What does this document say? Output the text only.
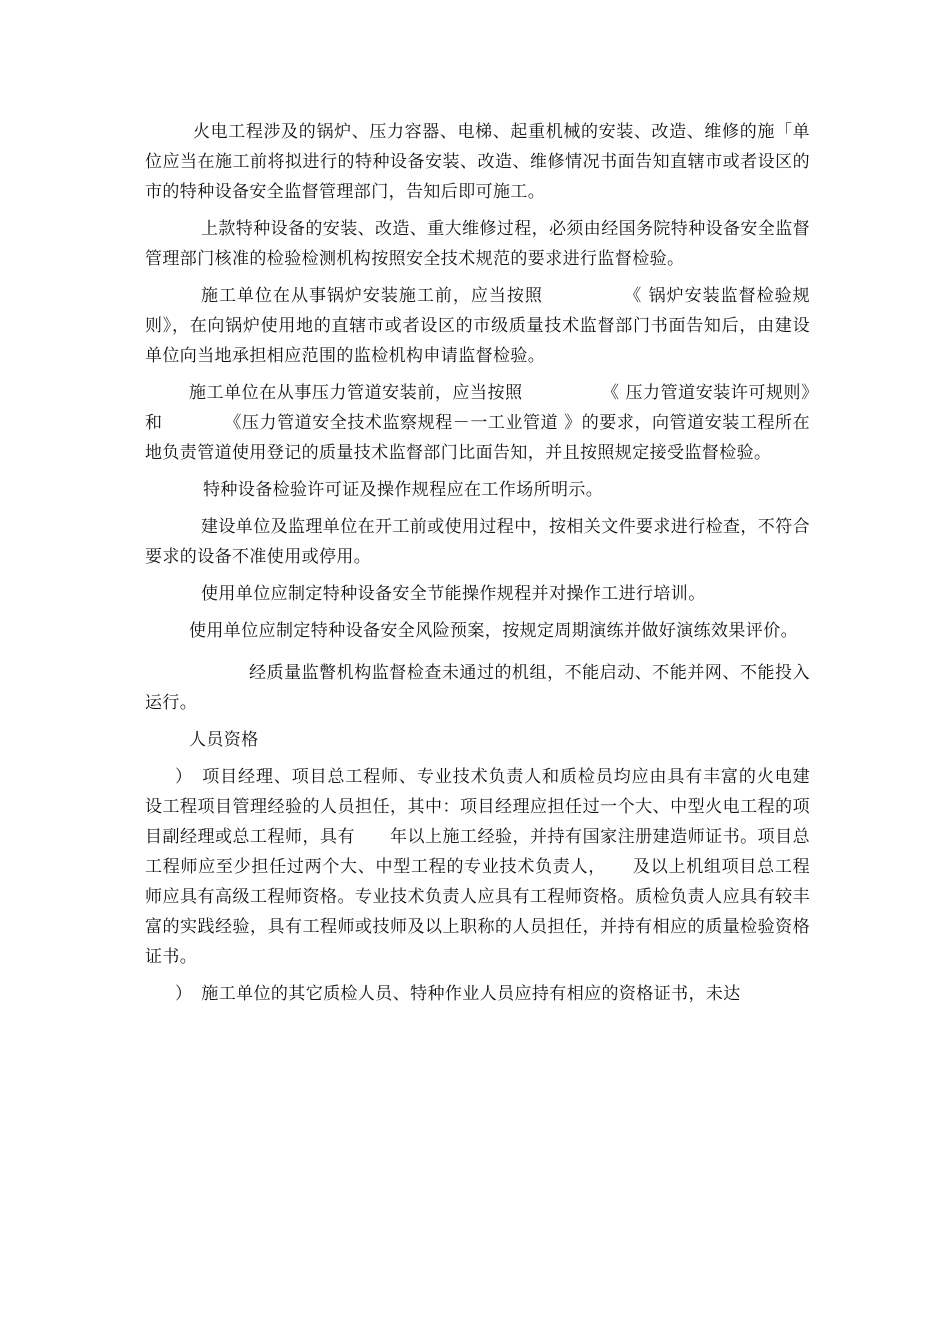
火电工程涉及的锅炉、压力容器、电梯、起重机械的安装、改造、维修的施「单位应当在施工前将拟进行的特种设备安装、改造、维修情况书面告知直辖市或者设区的市的特种设备安全监督管理部门，告知后即可施工。

上款特种设备的安装、改造、重大维修过程，必须由经国务院特种设备安全监督管理部门核准的检验检测机构按照安全技术规范的要求进行监督检验。

施工单位在从事锅炉安装施工前，应当按照　　　　　《 锅炉安装监督检验规则》，在向锅炉使用地的直辖市或者设区的市级质量技术监督部门书面告知后，由建设单位向当地承担相应范围的监检机构申请监督检验。

施工单位在从事压力管道安装前，应当按照　　　　　《 压力管道安装许可规则》和　　　　《压力管道安全技术监察规程－一工业管道 》的要求，向管道安装工程所在地负责管道使用登记的质量技术监督部门比面告知，并且按照规定接受监督检验。

特种设备检验许可证及操作规程应在工作场所明示。

建设单位及监理单位在开工前或使用过程中，按相关文件要求进行检查，不符合要求的设备不准使用或停用。

使用单位应制定特种设备安全节能操作规程并对操作工进行培训。

使用单位应制定特种设备安全风险预案，按规定周期演练并做好演练效果评价。

经质量监瞥机构监督检查未通过的机组，不能启动、不能并网、不能投入运行。

人员资格

）　项目经理、项目总工程师、专业技术负责人和质检员均应由具有丰富的火电建设工程项目管理经验的人员担任，其中：项目经理应担任过一个大、中型火电工程的项目副经理或总工程师，具有　　年以上施工经验，并持有国家注册建造师证书。项目总工程师应至少担任过两个大、中型工程的专业技术负责人，　　及以上机组项目总工程师应具有高级工程师资格。专业技术负责人应具有工程师资格。质检负责人应具有较丰富的实践经验，具有工程师或技师及以上职称的人员担任，并持有相应的质量检验资格证书。

）　施工单位的其它质检人员、特种作业人员应持有相应的资格证书，未达
